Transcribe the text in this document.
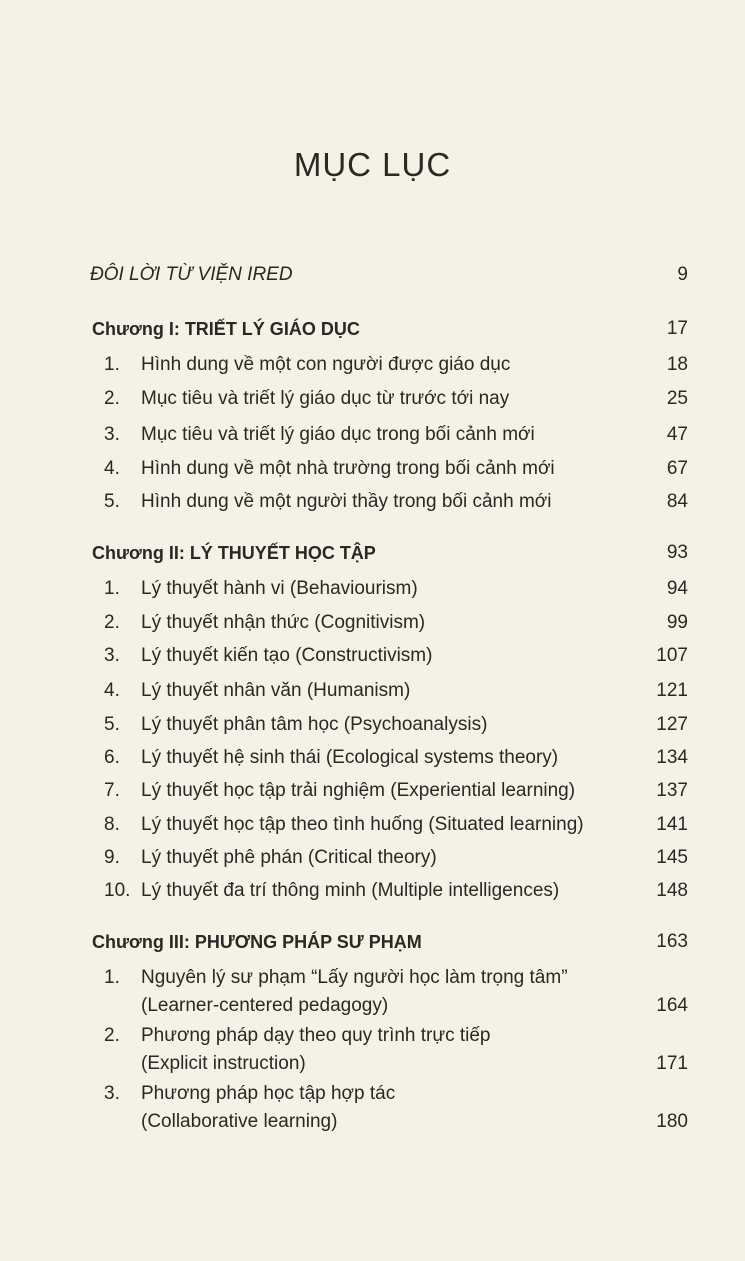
MỤC LỤC
ĐÔI LỜI TỪ VIỆN IRED	9
Chương I: TRIẾT LÝ GIÁO DỤC	17
1.	Hình dung về một con người được giáo dục	18
2.	Mục tiêu và triết lý giáo dục từ trước tới nay	25
3.	Mục tiêu và triết lý giáo dục trong bối cảnh mới	47
4.	Hình dung về một nhà trường trong bối cảnh mới	67
5.	Hình dung về một người thầy trong bối cảnh mới	84
Chương II: LÝ THUYẾT HỌC TẬP	93
1.	Lý thuyết hành vi (Behaviourism)	94
2.	Lý thuyết nhận thức (Cognitivism)	99
3.	Lý thuyết kiến tạo (Constructivism)	107
4.	Lý thuyết nhân văn (Humanism)	121
5.	Lý thuyết phân tâm học (Psychoanalysis)	127
6.	Lý thuyết hệ sinh thái (Ecological systems theory)	134
7.	Lý thuyết học tập trải nghiệm (Experiential learning)	137
8.	Lý thuyết học tập theo tình huống (Situated learning)	141
9.	Lý thuyết phê phán (Critical theory)	145
10. Lý thuyết đa trí thông minh (Multiple intelligences)	148
Chương III: PHƯƠNG PHÁP SƯ PHẠM	163
1.	Nguyên lý sư phạm “Lấy người học làm trọng tâm”
(Learner-centered pedagogy)	164
2.	Phương pháp dạy theo quy trình trực tiếp
(Explicit instruction)	171
3.	Phương pháp học tập hợp tác
(Collaborative learning)	180
